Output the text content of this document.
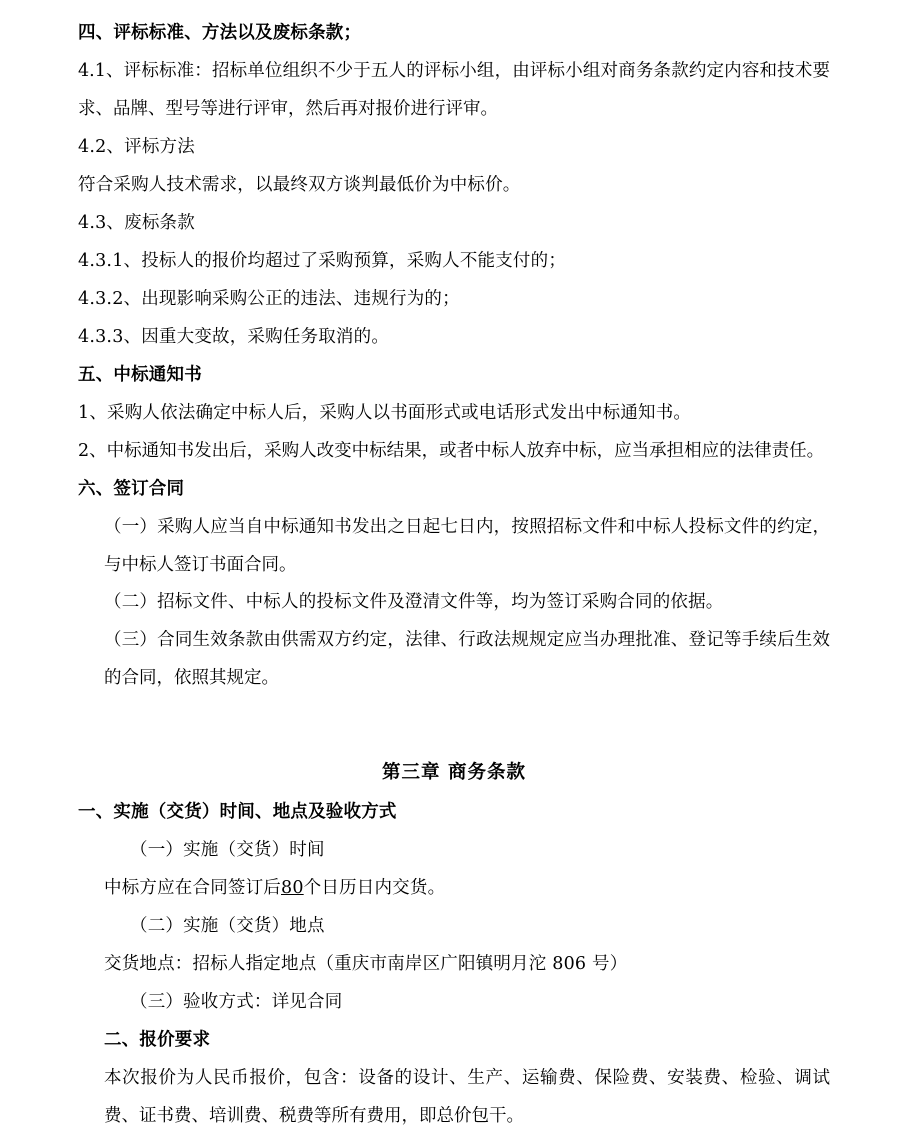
四、评标标准、方法以及废标条款；
4.1、评标标准：招标单位组织不少于五人的评标小组，由评标小组对商务条款约定内容和技术要求、品牌、型号等进行评审，然后再对报价进行评审。
4.2、评标方法
符合采购人技术需求，以最终双方谈判最低价为中标价。
4.3、废标条款
4.3.1、投标人的报价均超过了采购预算，采购人不能支付的；
4.3.2、出现影响采购公正的违法、违规行为的；
4.3.3、因重大变故，采购任务取消的。
五、中标通知书
1、采购人依法确定中标人后，采购人以书面形式或电话形式发出中标通知书。
2、中标通知书发出后，采购人改变中标结果，或者中标人放弃中标，应当承担相应的法律责任。
六、签订合同
（一）采购人应当自中标通知书发出之日起七日内，按照招标文件和中标人投标文件的约定，与中标人签订书面合同。
（二）招标文件、中标人的投标文件及澄清文件等，均为签订采购合同的依据。
（三）合同生效条款由供需双方约定，法律、行政法规规定应当办理批准、登记等手续后生效的合同，依照其规定。
第三章 商务条款
一、实施（交货）时间、地点及验收方式
（一）实施（交货）时间
中标方应在合同签订后80个日历日内交货。
（二）实施（交货）地点
交货地点：招标人指定地点（重庆市南岸区广阳镇明月沱 806 号）
（三）验收方式：详见合同
二、报价要求
本次报价为人民币报价，包含：设备的设计、生产、运输费、保险费、安装费、检验、调试费、证书费、培训费、税费等所有费用，即总价包干。
